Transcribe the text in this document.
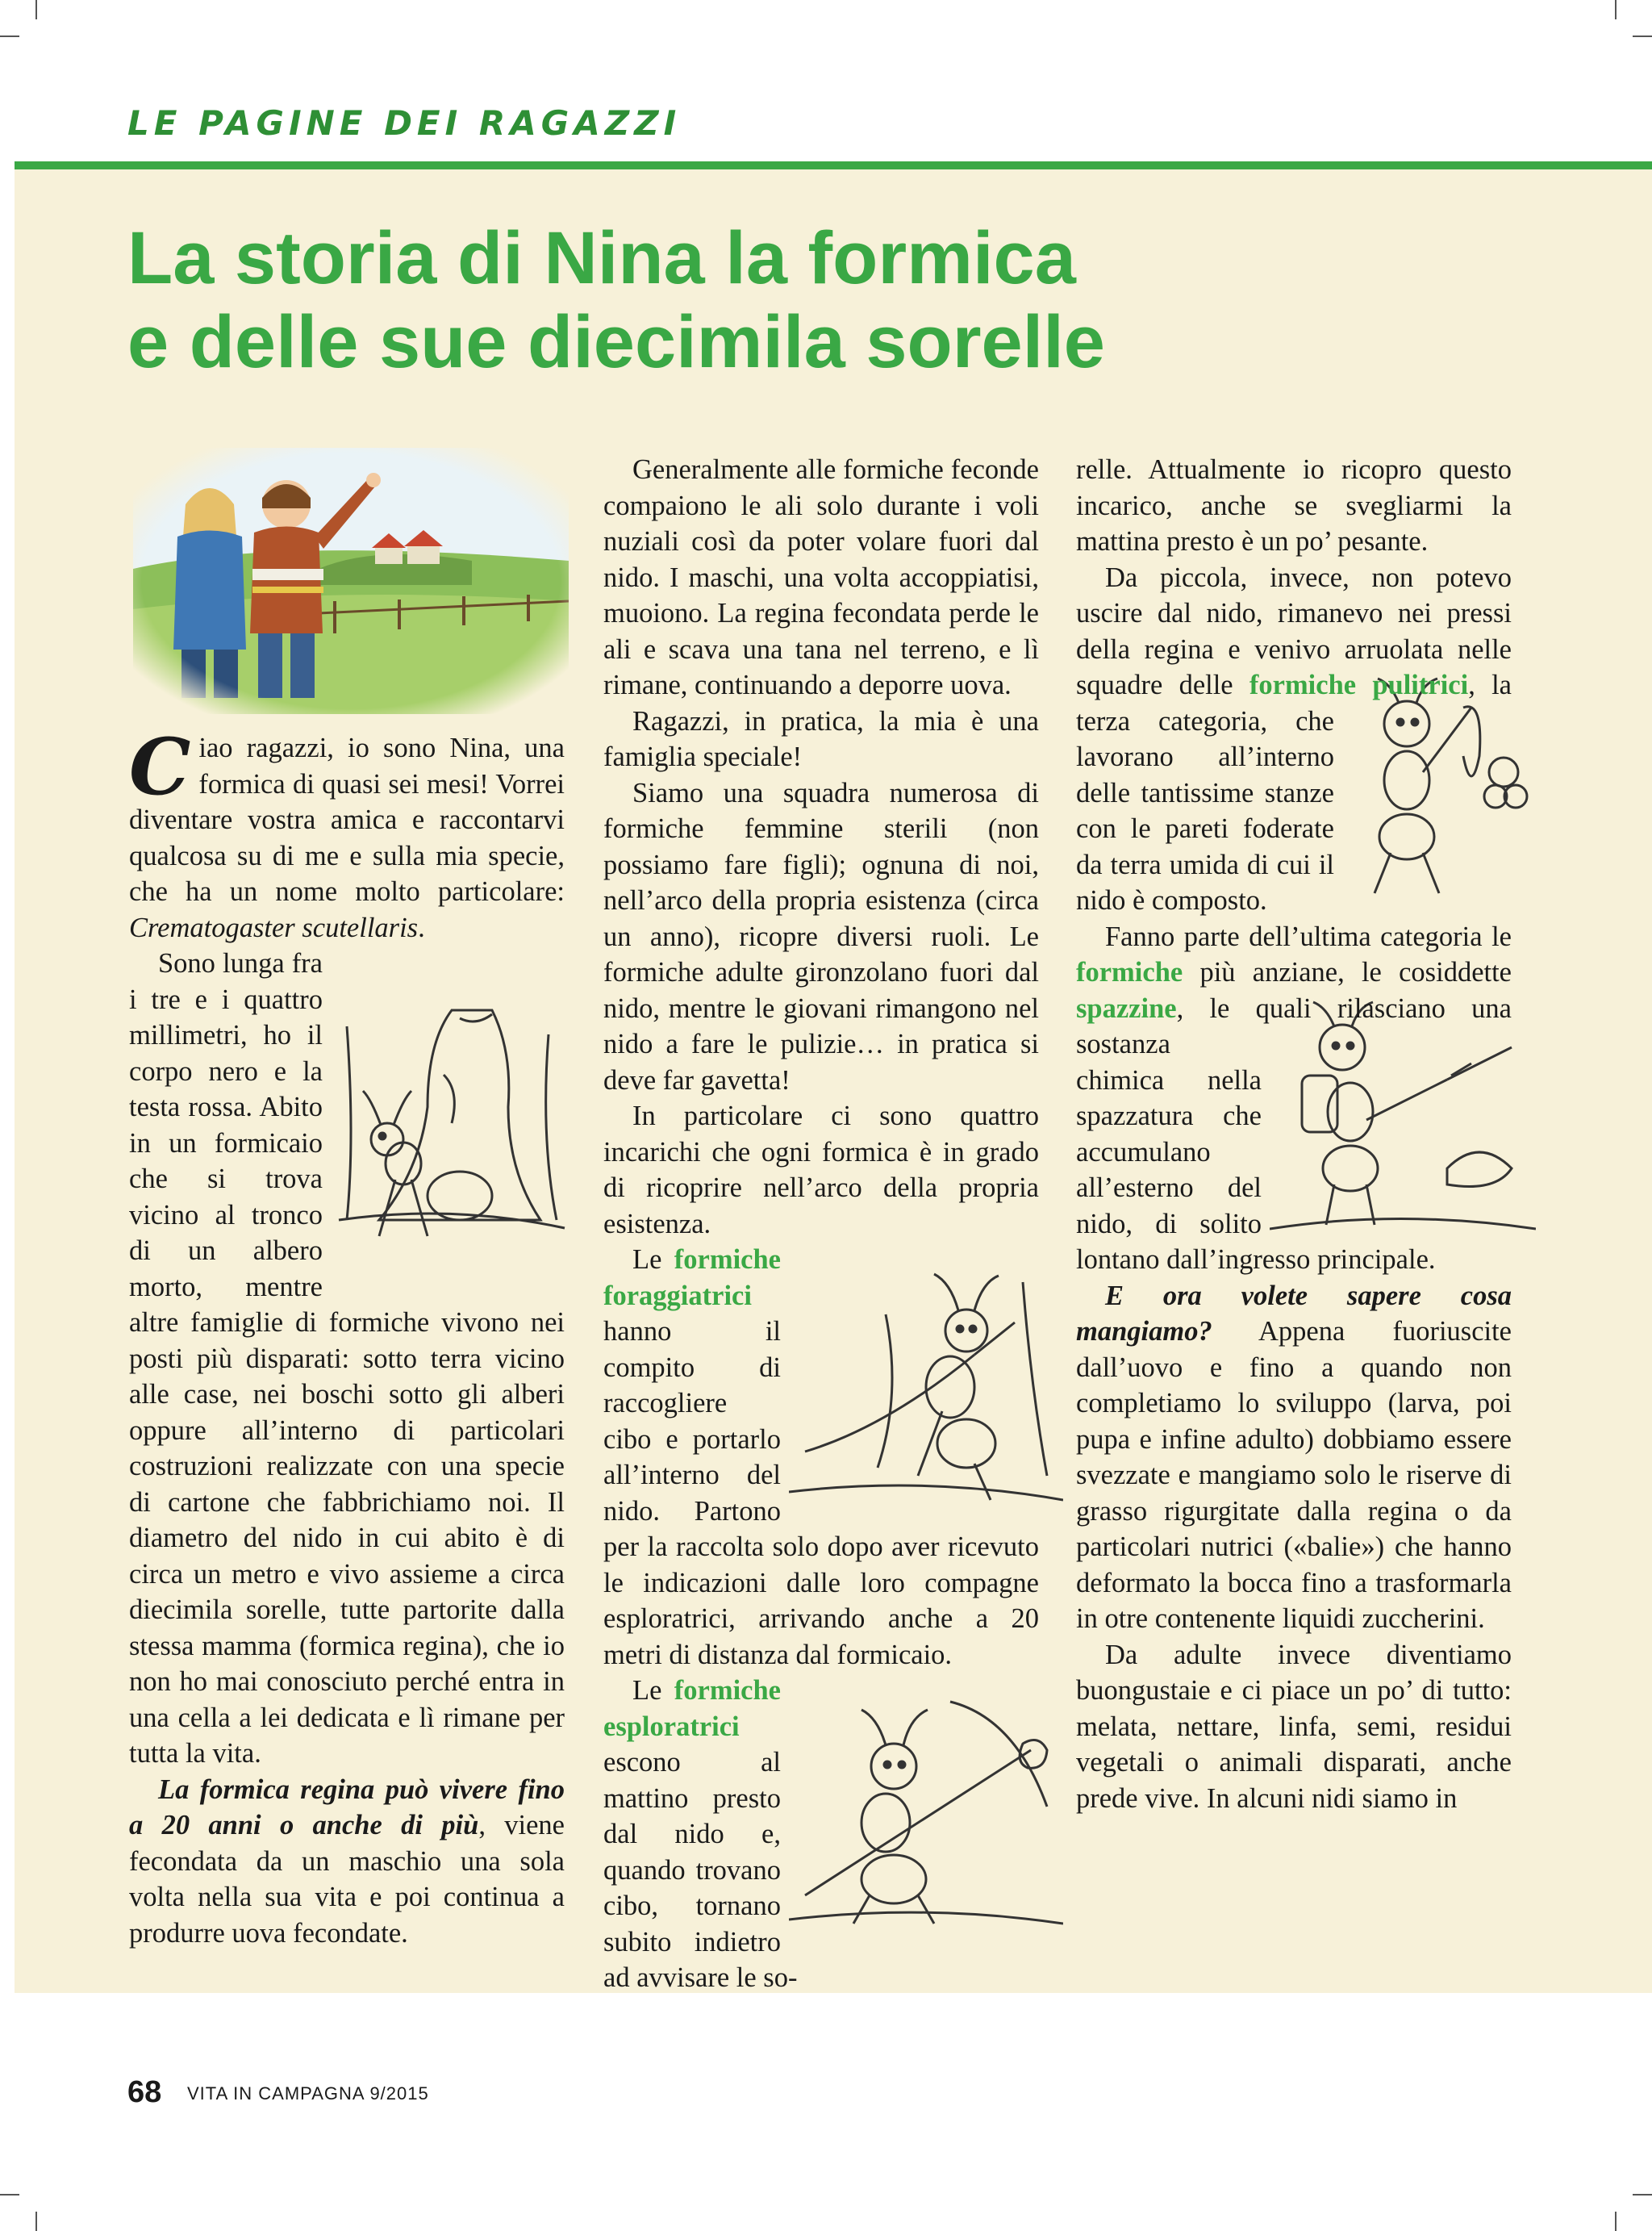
LE PAGINE DEI RAGAZZI
La storia di Nina la formica
e delle sue diecimila sorelle

Ciao ragazzi, io sono Nina, una formica di quasi sei mesi! Vorrei diventare vostra amica e raccontarvi qualcosa su di me e sulla mia specie, che ha un nome molto particolare: Crematogaster scutellaris.

Sono lunga fra i tre e i quattro millimetri, ho il corpo nero e la testa rossa. Abito in un formicaio che si trova vicino al tronco di un albero morto, mentre altre famiglie di formiche vivono nei posti più disparati: sotto terra vicino alle case, nei boschi sotto gli alberi oppure all’interno di particolari costruzioni realizzate con una specie di cartone che fabbrichiamo noi. Il diametro del nido in cui abito è di circa un metro e vivo assieme a circa diecimila sorelle, tutte partorite dalla stessa mamma (formica regina), che io non ho mai conosciuto perché entra in una cella a lei dedicata e lì rimane per tutta la vita.

La formica regina può vivere fino a 20 anni o anche di più, viene fecondata da un maschio una sola volta nella sua vita e poi continua a produrre uova fecondate.

Generalmente alle formiche feconde compaiono le ali solo durante i voli nuziali così da poter volare fuori dal nido. I maschi, una volta accoppiatisi, muoiono. La regina fecondata perde le ali e scava una tana nel terreno, e lì rimane, continuando a deporre uova.

Ragazzi, in pratica, la mia è una famiglia speciale!

Siamo una squadra numerosa di formiche femmine sterili (non possiamo fare figli); ognuna di noi, nell’arco della propria esistenza (circa un anno), ricopre diversi ruoli. Le formiche adulte gironzolano fuori dal nido, mentre le giovani rimangono nel nido a fare le pulizie… in pratica si deve far gavetta!

In particolare ci sono quattro incarichi che ogni formica è in grado di ricoprire nell’arco della propria esistenza.

Le formiche foraggiatrici hanno il compito di raccogliere cibo e portarlo all’interno del nido. Partono per la raccolta solo dopo aver ricevuto le indicazioni dalle loro compagne esploratrici, arrivando anche a 20 metri di distanza dal formicaio.

Le formiche esploratrici escono al mattino presto dal nido e, quando trovano cibo, tornano subito indietro ad avvisare le so-

relle. Attualmente io ricopro questo incarico, anche se svegliarmi la mattina presto è un po’ pesante.

Da piccola, invece, non potevo uscire dal nido, rimanevo nei pressi della regina e venivo arruolata nelle squadre delle
formiche pulitrici, la terza categoria, che lavorano all’interno delle tantissime stanze con le pareti foderate da terra umida di cui il nido è composto.

Fanno parte dell’ultima categoria le formiche più anziane, le cosiddette spazzine
, le quali rilasciano una sostanza chimica nella spazzatura che accumulano all’esterno del nido, di solito lontano dall’ingresso principale.

E ora volete sapere cosa mangiamo? Appena fuoriuscite dall’uovo e fino a quando non completiamo lo sviluppo (larva, poi pupa e infine adulto) dobbiamo essere svezzate e mangiamo solo le riserve di grasso rigurgitate dalla regina o da particolari nutrici («balie») che hanno deformato la bocca fino a trasformarla in otre contenente liquidi zuccherini.

Da adulte invece diventiamo buongustaie e ci piace un po’ di tutto: melata, nettare, linfa, semi, residui vegetali o animali disparati, anche prede vive. In alcuni nidi siamo in

68 VITA IN CAMPAGNA 9/2015
